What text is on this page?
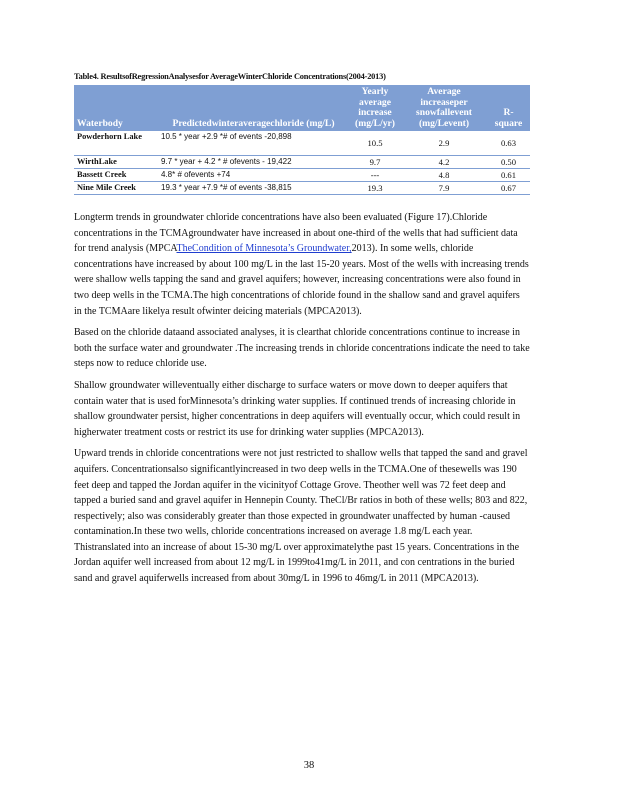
Table4. ResultsofRegressionAnalysesfor AverageWinterChloride Concentrations(2004-2013)
Waterbody	Predictedwinteraveragechloride (mg/L)	Yearly average increase (mg/L/yr)	Average increaseper snowfallevent (mg/Levent)	R-square
Powderhorn Lake	10.5 * year +2.9 *# of events -20,898	10.5	2.9	0.63
WirthLake	9.7 * year + 4.2 * # ofevents - 19,422	9.7	4.2	0.50
Bassett Creek	4.8* # ofevents +74	---	4.8	0.61
Nine Mile Creek	19.3 * year +7.9 *# of events -38,815	19.3	7.9	0.67

Longterm trends in groundwater chloride concentrations have also been evaluated (Figure 17).Chloride concentrations in the TCMAgroundwater have increased in about one-third of the wells that had sufficient data for trend analysis (MPCATheCondition of Minnesota’s Groundwater,2013). In some wells, chloride concentrations have increased by about 100 mg/L in the last 15-20 years. Most of the wells with increasing trends were shallow wells tapping the sand and gravel aquifers; however, increasing concentrations were also found in two deep wells in the TCMA.The high concentrations of chloride found in the shallow sand and gravel aquifers in the TCMAare likelya result ofwinter deicing materials (MPCA2013).

Based on the chloride dataand associated analyses, it is clearthat chloride concentrations continue to increase in both the surface water and groundwater .The increasing trends in chloride concentrations indicate the need to take steps now to reduce chloride use.

Shallow groundwater willeventually either discharge to surface waters or move down to deeper aquifers that contain water that is used forMinnesota’s drinking water supplies. If continued trends of increasing chloride in shallow groundwater persist, higher concentrations in deep aquifers will eventually occur, which could result in higherwater treatment costs or restrict its use for drinking water supplies (MPCA2013).

Upward trends in chloride concentrations were not just restricted to shallow wells that tapped the sand and gravel aquifers. Concentrationsalso significantlyincreased in two deep wells in the TCMA.One of thesewells was 190 feet deep and tapped the Jordan aquifer in the vicinityof Cottage Grove. Theother well was 72 feet deep and tapped a buried sand and gravel aquifer in Hennepin County. TheCl/Br ratios in both of these wells; 803 and 822, respectively; also was considerably greater than those expected in groundwater unaffected by human -caused contamination.In these two wells, chloride concentrations increased on average 1.8 mg/L each year. Thistranslated into an increase of about 15-30 mg/L over approximatelythe past 15 years. Concentrations in the Jordan aquifer well increased from about 12 mg/L in 1999to41mg/L in 2011, and con centrations in the buried sand and gravel aquiferwells increased from about 30mg/L in 1996 to 46mg/L in 2011 (MPCA2013).

38
